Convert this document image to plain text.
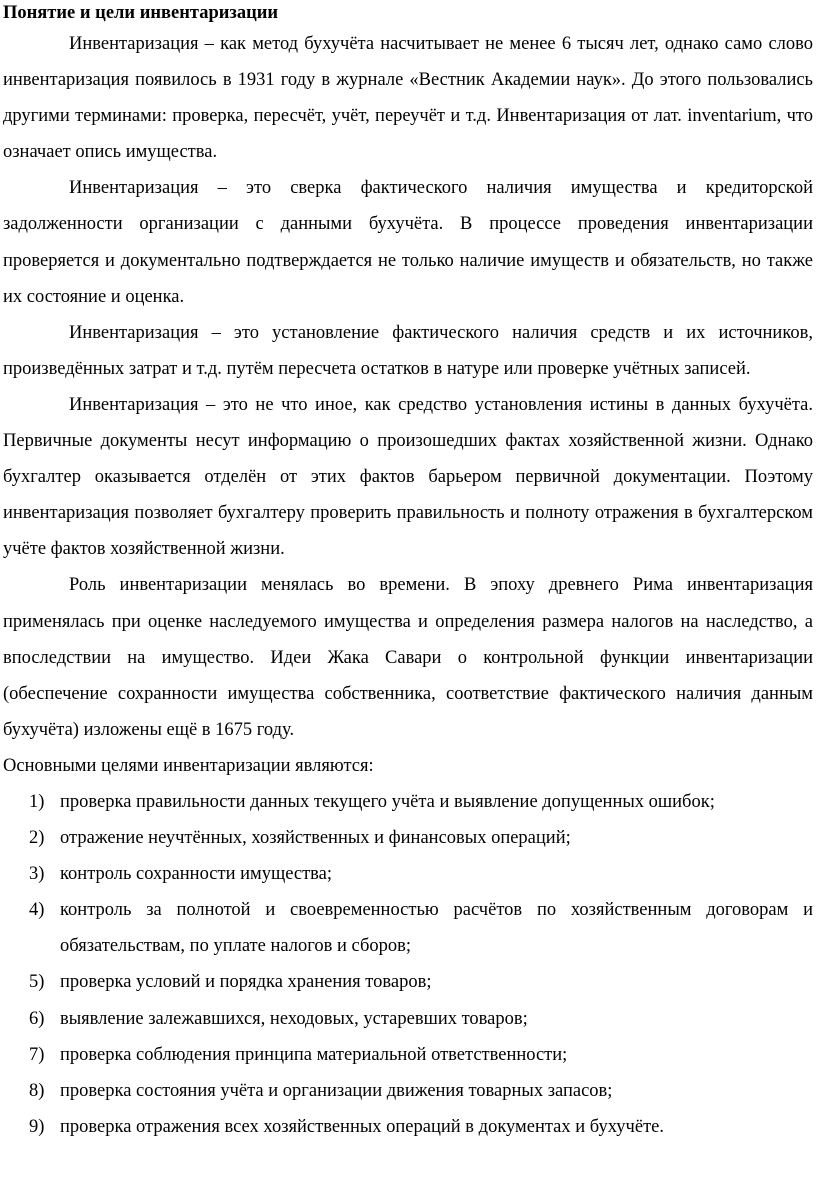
Понятие и цели инвентаризации

Инвентаризация – как метод бухучёта насчитывает не менее 6 тысяч лет, однако само слово инвентаризация появилось в 1931 году в журнале «Вестник Академии наук». До этого пользовались другими терминами: проверка, пересчёт, учёт, переучёт и т.д. Инвентаризация от лат. inventarium, что означает опись имущества.

Инвентаризация – это сверка фактического наличия имущества и кредиторской задолженности организации с данными бухучёта. В процессе проведения инвентаризации проверяется и документально подтверждается не только наличие имуществ и обязательств, но также их состояние и оценка.

Инвентаризация – это установление фактического наличия средств и их источников, произведённых затрат и т.д. путём пересчета остатков в натуре или проверке учётных записей.

Инвентаризация – это не что иное, как средство установления истины в данных бухучёта. Первичные документы несут информацию о произошедших фактах хозяйственной жизни. Однако бухгалтер оказывается отделён от этих фактов барьером первичной документации. Поэтому инвентаризация позволяет бухгалтеру проверить правильность и полноту отражения в бухгалтерском учёте фактов хозяйственной жизни.

Роль инвентаризации менялась во времени. В эпоху древнего Рима инвентаризация применялась при оценке наследуемого имущества и определения размера налогов на наследство, а впоследствии на имущество. Идеи Жака Савари о контрольной функции инвентаризации (обеспечение сохранности имущества собственника, соответствие фактического наличия данным бухучёта) изложены ещё в 1675 году.

Основными целями инвентаризации являются:

1) проверка правильности данных текущего учёта и выявление допущенных ошибок;
2) отражение неучтённых, хозяйственных и финансовых операций;
3) контроль сохранности имущества;
4) контроль за полнотой и своевременностью расчётов по хозяйственным договорам и обязательствам, по уплате налогов и сборов;
5) проверка условий и порядка хранения товаров;
6) выявление залежавшихся, неходовых, устаревших товаров;
7) проверка соблюдения принципа материальной ответственности;
8) проверка состояния учёта и организации движения товарных запасов;
9) проверка отражения всех хозяйственных операций в документах и бухучёте.
